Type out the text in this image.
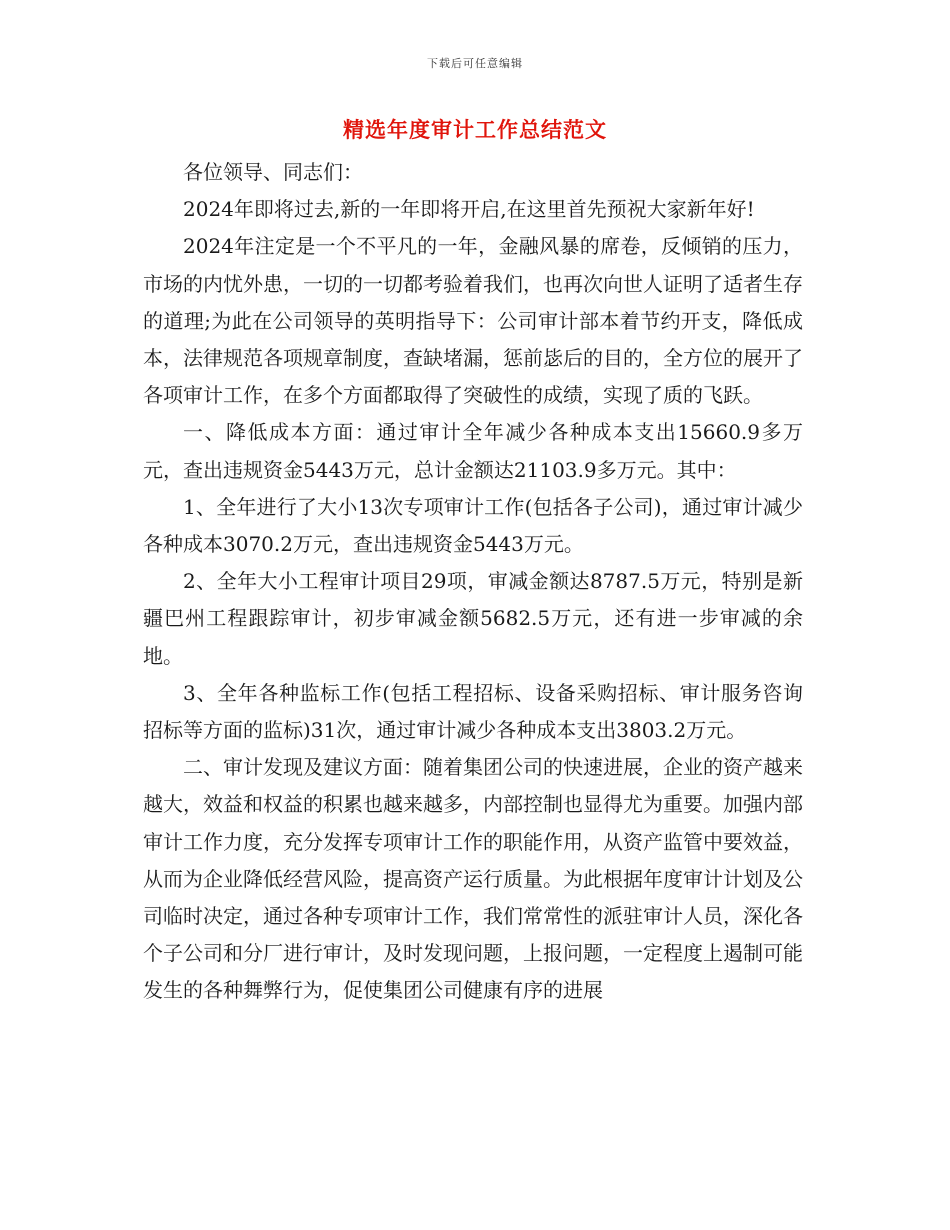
下载后可任意编辑
精选年度审计工作总结范文

各位领导、同志们：

2024年即将过去,新的一年即将开启,在这里首先预祝大家新年好!

2024年注定是一个不平凡的一年，金融风暴的席卷，反倾销的压力，市场的内忧外患，一切的一切都考验着我们，也再次向世人证明了适者生存的道理;为此在公司领导的英明指导下：公司审计部本着节约开支，降低成本，法律规范各项规章制度，查缺堵漏，惩前毖后的目的，全方位的展开了各项审计工作，在多个方面都取得了突破性的成绩，实现了质的飞跃。

一、降低成本方面：通过审计全年减少各种成本支出15660.9多万元，查出违规资金5443万元，总计金额达21103.9多万元。其中：

1、全年进行了大小13次专项审计工作(包括各子公司)，通过审计减少各种成本3070.2万元，查出违规资金5443万元。

2、全年大小工程审计项目29项，审减金额达8787.5万元，特别是新疆巴州工程跟踪审计，初步审减金额5682.5万元，还有进一步审减的余地。

3、全年各种监标工作(包括工程招标、设备采购招标、审计服务咨询招标等方面的监标)31次，通过审计减少各种成本支出3803.2万元。

二、审计发现及建议方面：随着集团公司的快速进展，企业的资产越来越大，效益和权益的积累也越来越多，内部控制也显得尤为重要。加强内部审计工作力度，充分发挥专项审计工作的职能作用，从资产监管中要效益，从而为企业降低经营风险，提高资产运行质量。为此根据年度审计计划及公司临时决定，通过各种专项审计工作，我们常常性的派驻审计人员，深化各个子公司和分厂进行审计，及时发现问题，上报问题，一定程度上遏制可能发生的各种舞弊行为，促使集团公司健康有序的进展
